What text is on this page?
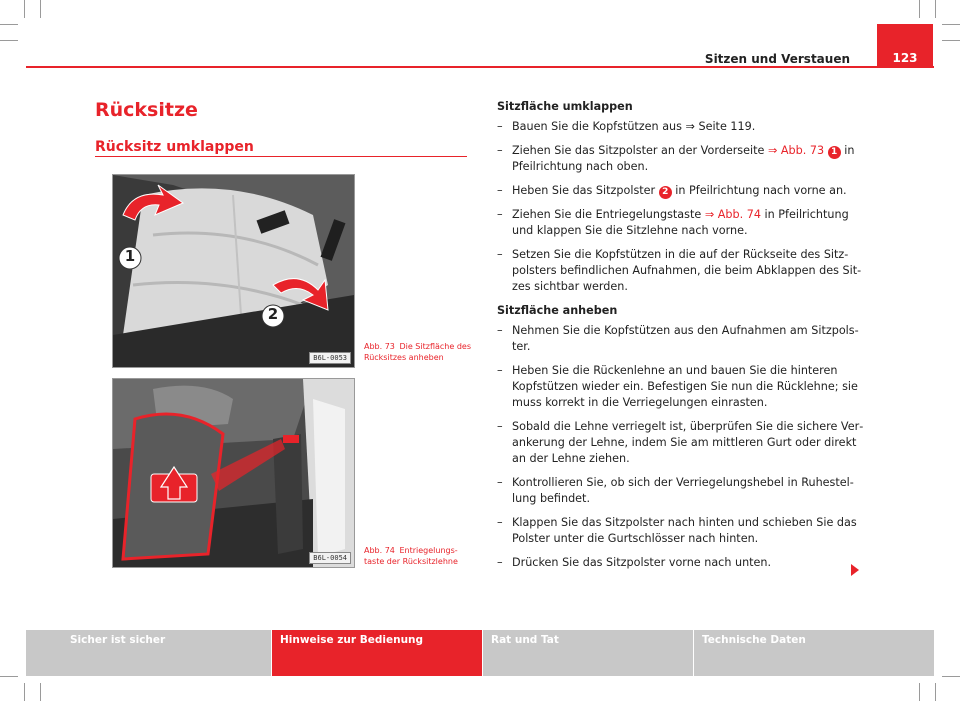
Sitzen und Verstauen	123
Rücksitze
Rücksitz umklappen
1
2
B6L-0053
Abb. 73 Die Sitzfläche des Rücksitzes anheben
B6L-0054
Abb. 74 Entriegelungstaste der Rücksitzlehne

Sitzfläche umklappen

– Bauen Sie die Kopfstützen aus ⇒ Seite 119.

– Ziehen Sie das Sitzpolster an der Vorderseite ⇒ Abb. 73 1 in Pfeilrichtung nach oben.

– Heben Sie das Sitzpolster 2 in Pfeilrichtung nach vorne an.

– Ziehen Sie die Entriegelungstaste ⇒ Abb. 74 in Pfeilrichtung und klappen Sie die Sitzlehne nach vorne.

– Setzen Sie die Kopfstützen in die auf der Rückseite des Sitzpolsters befindlichen Aufnahmen, die beim Abklappen des Sitzes sichtbar werden.

Sitzfläche anheben

– Nehmen Sie die Kopfstützen aus den Aufnahmen am Sitzpolster.

– Heben Sie die Rückenlehne an und bauen Sie die hinteren Kopfstützen wieder ein. Befestigen Sie nun die Rücklehne; sie muss korrekt in die Verriegelungen einrasten.

– Sobald die Lehne verriegelt ist, überprüfen Sie die sichere Verankerung der Lehne, indem Sie am mittleren Gurt oder direkt an der Lehne ziehen.

– Kontrollieren Sie, ob sich der Verriegelungshebel in Ruhestellung befindet.

– Klappen Sie das Sitzpolster nach hinten und schieben Sie das Polster unter die Gurtschlösser nach hinten.

– Drücken Sie das Sitzpolster vorne nach unten.

Sicher ist sicher	Hinweise zur Bedienung	Rat und Tat	Technische Daten
